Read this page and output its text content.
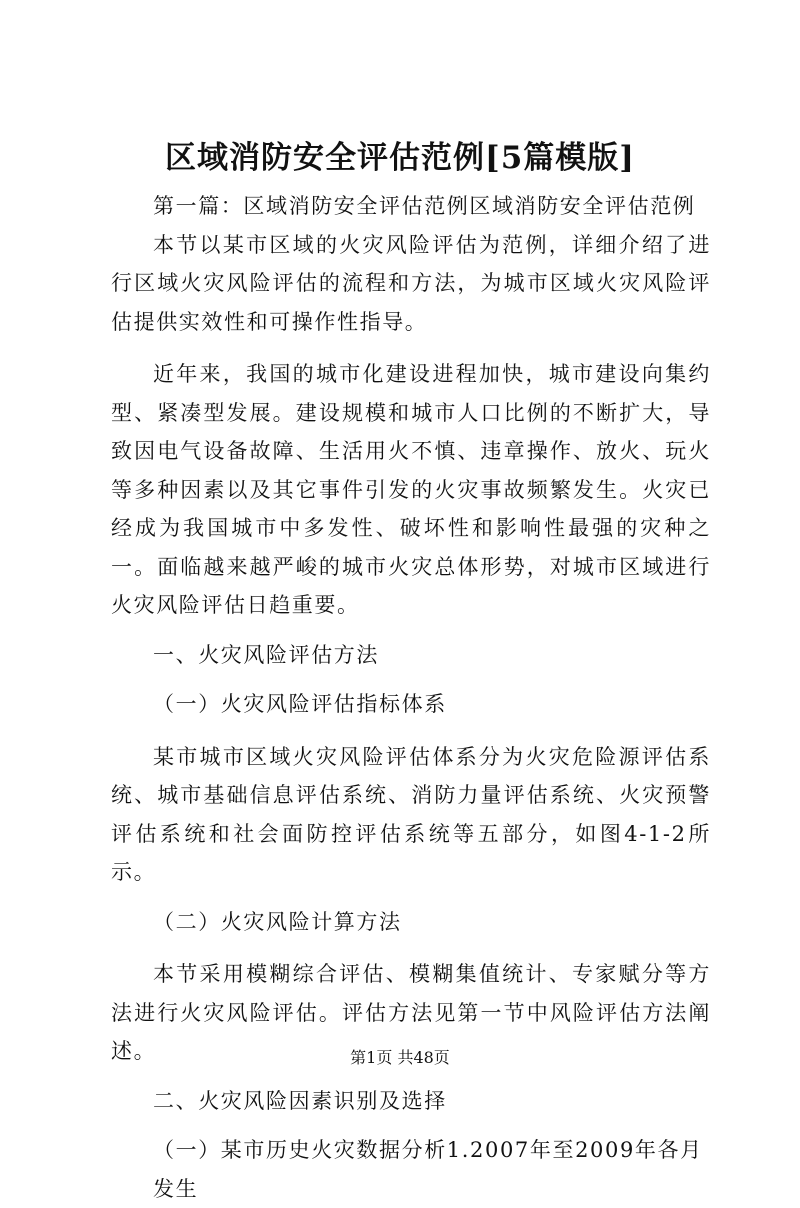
区域消防安全评估范例[5篇模版]

第一篇：区域消防安全评估范例区域消防安全评估范例

本节以某市区域的火灾风险评估为范例，详细介绍了进行区域火灾风险评估的流程和方法，为城市区域火灾风险评估提供实效性和可操作性指导。

近年来，我国的城市化建设进程加快，城市建设向集约型、紧凑型发展。建设规模和城市人口比例的不断扩大，导致因电气设备故障、生活用火不慎、违章操作、放火、玩火等多种因素以及其它事件引发的火灾事故频繁发生。火灾已经成为我国城市中多发性、破坏性和影响性最强的灾种之一。面临越来越严峻的城市火灾总体形势，对城市区域进行火灾风险评估日趋重要。

一、火灾风险评估方法

（一）火灾风险评估指标体系

某市城市区域火灾风险评估体系分为火灾危险源评估系统、城市基础信息评估系统、消防力量评估系统、火灾预警评估系统和社会面防控评估系统等五部分，如图4-1-2所示。

（二）火灾风险计算方法

本节采用模糊综合评估、模糊集值统计、专家赋分等方法进行火灾风险评估。评估方法见第一节中风险评估方法阐述。

二、火灾风险因素识别及选择

（一）某市历史火灾数据分析1.2007年至2009年各月发生

第1页 共48页
